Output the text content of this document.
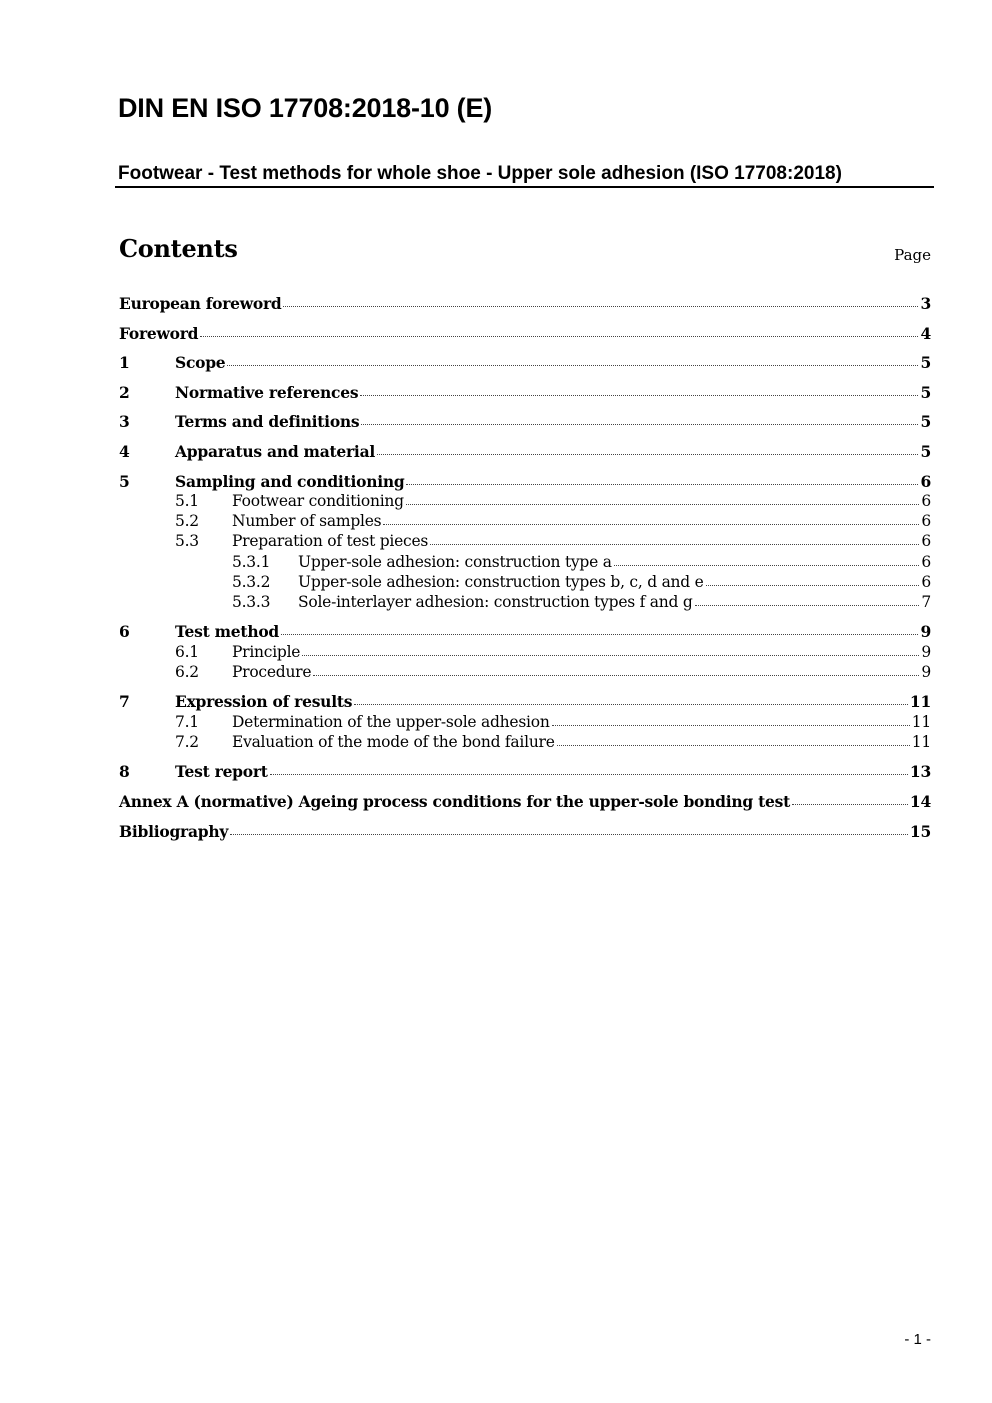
DIN EN ISO 17708:2018-10 (E)
Footwear - Test methods for whole shoe - Upper sole adhesion (ISO 17708:2018)
Contents	Page
European foreword	3
Foreword	4
1	Scope	5
2	Normative references	5
3	Terms and definitions	5
4	Apparatus and material	5
5	Sampling and conditioning	6
5.1 Footwear conditioning	6
5.2 Number of samples	6
5.3 Preparation of test pieces	6
5.3.1 Upper-sole adhesion: construction type a	6
5.3.2 Upper-sole adhesion: construction types b, c, d and e	6
5.3.3 Sole-interlayer adhesion: construction types f and g	7
6	Test method	9
6.1 Principle	9
6.2 Procedure	9
7	Expression of results	11
7.1 Determination of the upper-sole adhesion	11
7.2 Evaluation of the mode of the bond failure	11
8	Test report	13
Annex A (normative) Ageing process conditions for the upper-sole bonding test	14
Bibliography	15
- 1 -
